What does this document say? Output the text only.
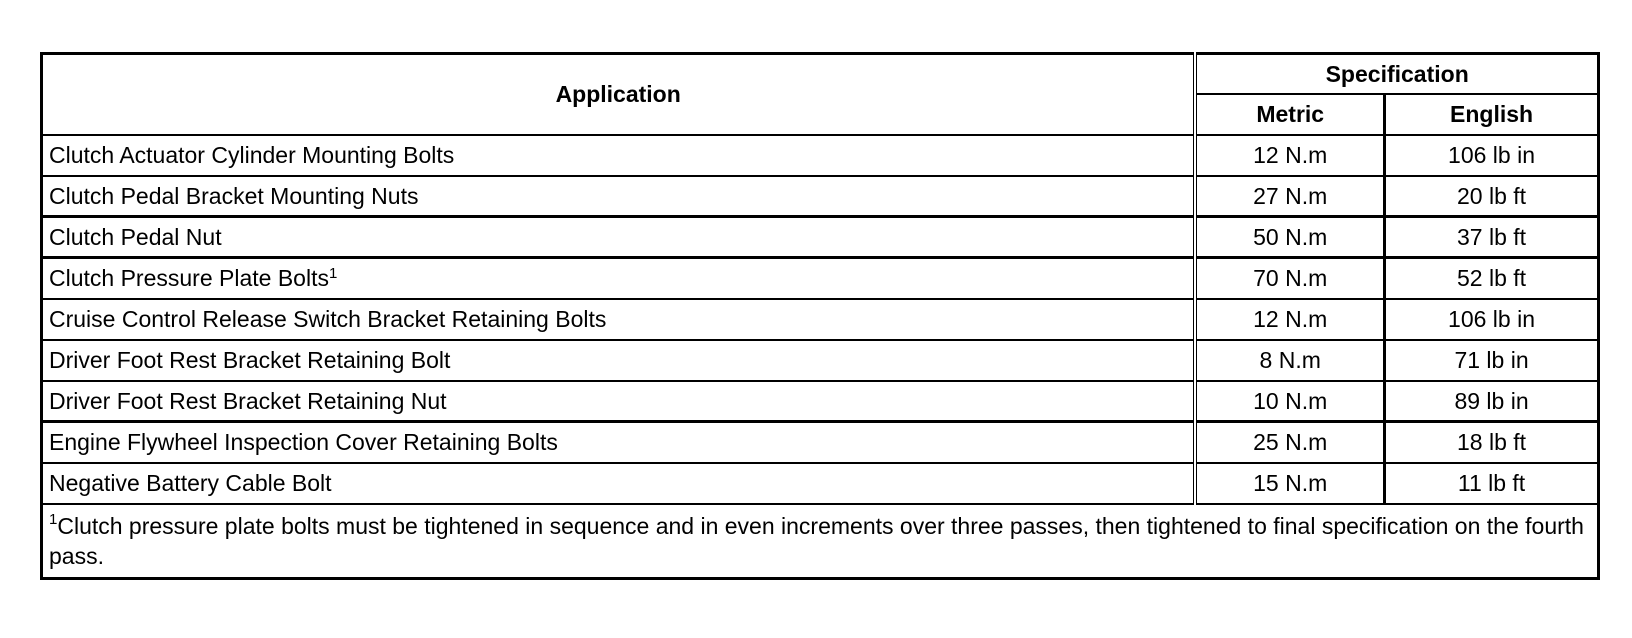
Application	Specification	
	Metric	English
Clutch Actuator Cylinder Mounting Bolts	12 N.m	106 lb in
Clutch Pedal Bracket Mounting Nuts	27 N.m	20 lb ft
Clutch Pedal Nut	50 N.m	37 lb ft
Clutch Pressure Plate Bolts$^1$	70 N.m	52 lb ft
Cruise Control Release Switch Bracket Retaining Bolts	12 N.m	106 lb in
Driver Foot Rest Bracket Retaining Bolt	8 N.m	71 lb in
Driver Foot Rest Bracket Retaining Nut	10 N.m	89 lb in
Engine Flywheel Inspection Cover Retaining Bolts	25 N.m	18 lb ft
Negative Battery Cable Bolt	15 N.m	11 lb ft
$^1$Clutch pressure plate bolts must be tightened in sequence and in even increments over three passes, then tightened to final specification on the fourth pass.		
